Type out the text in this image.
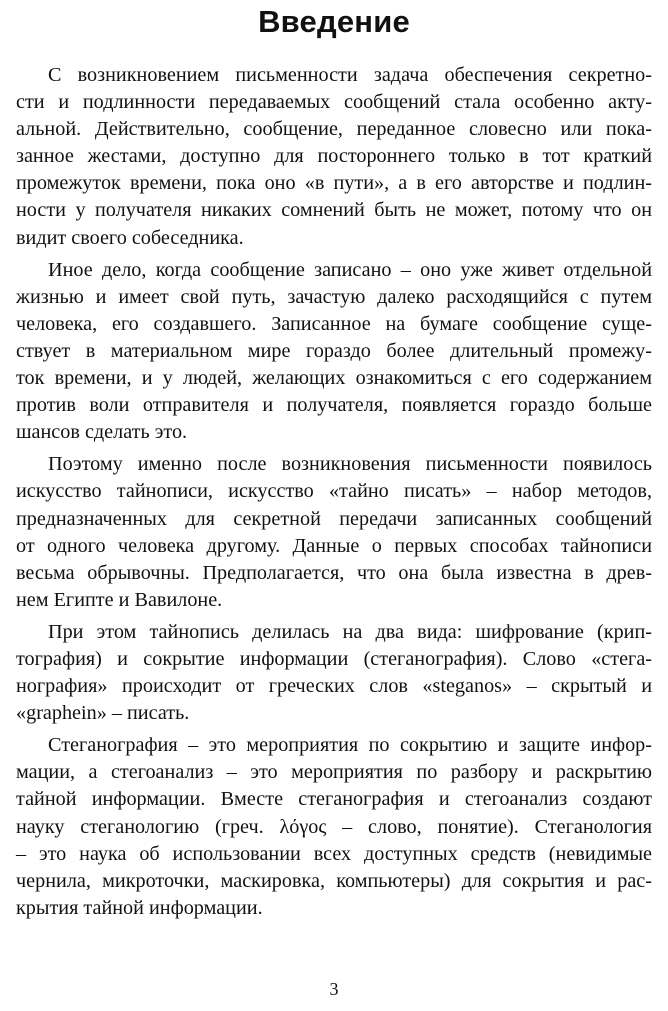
Введение
С возникновением письменности задача обеспечения секретно-
сти и подлинности передаваемых сообщений стала особенно акту-
альной. Действительно, сообщение, переданное словесно или пока-
занное жестами, доступно для постороннего только в тот краткий
промежуток времени, пока оно «в пути», а в его авторстве и подлин-
ности у получателя никаких сомнений быть не может, потому что он
видит своего собеседника.
Иное дело, когда сообщение записано – оно уже живет отдельной
жизнью и имеет свой путь, зачастую далеко расходящийся с путем
человека, его создавшего. Записанное на бумаге сообщение суще-
ствует в материальном мире гораздо более длительный промежу-
ток времени, и у людей, желающих ознакомиться с его содержанием
против воли отправителя и получателя, появляется гораздо больше
шансов сделать это.
Поэтому именно после возникновения письменности появилось
искусство тайнописи, искусство «тайно писать» – набор методов,
предназначенных для секретной передачи записанных сообщений
от одного человека другому. Данные о первых способах тайнописи
весьма обрывочны. Предполагается, что она была известна в древ-
нем Египте и Вавилоне.
При этом тайнопись делилась на два вида: шифрование (крип-
тография) и сокрытие информации (стеганография). Слово «стега-
нография» происходит от греческих слов «steganos» – скрытый и
«graphein» – писать.
Стеганография – это мероприятия по сокрытию и защите инфор-
мации, а стегоанализ – это мероприятия по разбору и раскрытию
тайной информации. Вместе стеганография и стегоанализ создают
науку стеганологию (греч. λόγος – слово, понятие). Стеганология
– это наука об использовании всех доступных средств (невидимые
чернила, микроточки, маскировка, компьютеры) для сокрытия и рас-
крытия тайной информации.
3
